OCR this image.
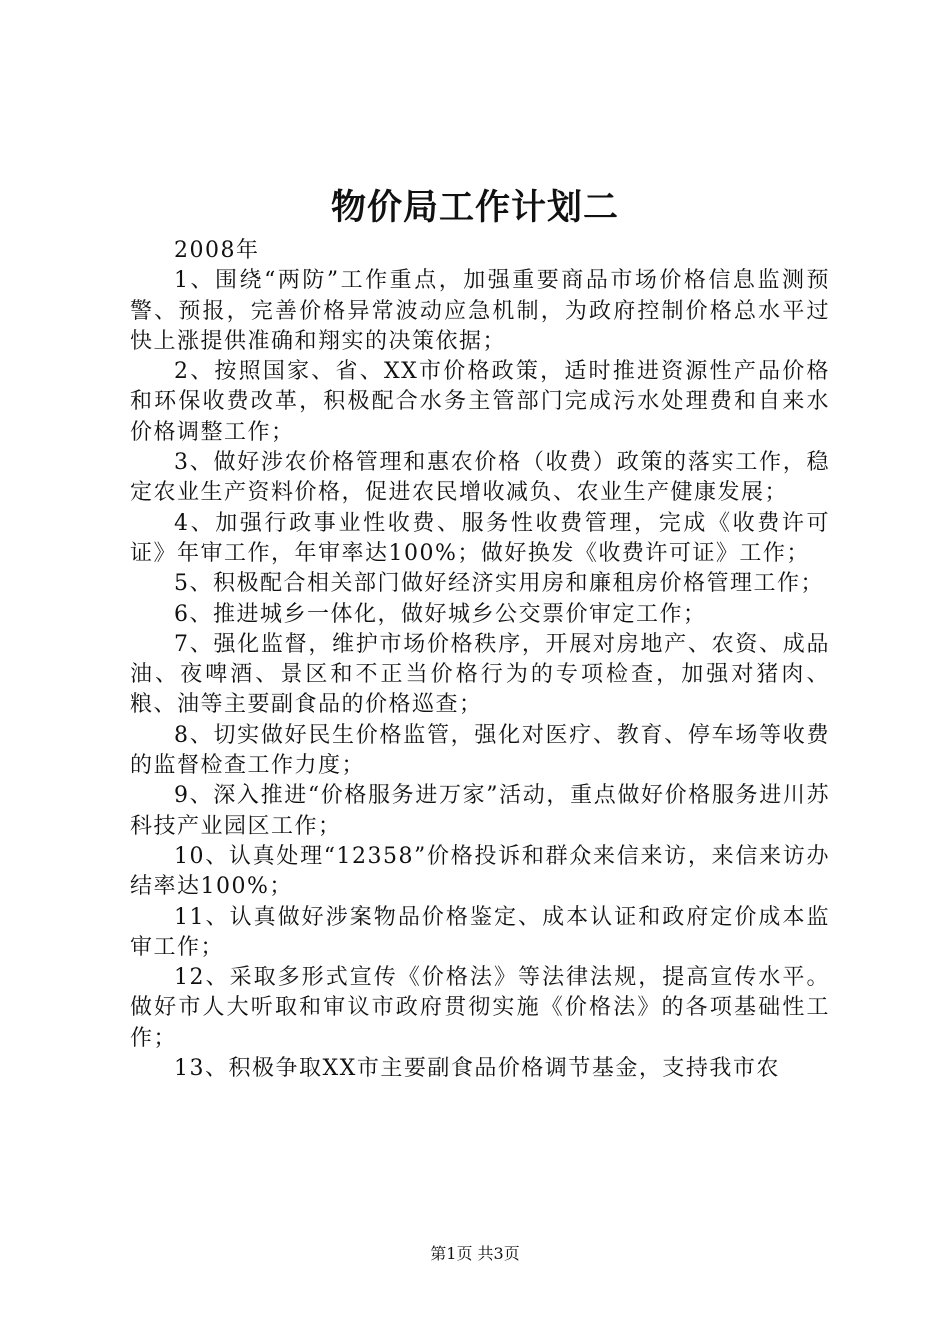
物价局工作计划二

2008年

1、围绕“两防”工作重点，加强重要商品市场价格信息监测预警、预报，完善价格异常波动应急机制，为政府控制价格总水平过快上涨提供准确和翔实的决策依据；

2、按照国家、省、XX市价格政策，适时推进资源性产品价格和环保收费改革，积极配合水务主管部门完成污水处理费和自来水价格调整工作；

3、做好涉农价格管理和惠农价格（收费）政策的落实工作，稳定农业生产资料价格，促进农民增收减负、农业生产健康发展；

4、加强行政事业性收费、服务性收费管理，完成《收费许可证》年审工作，年审率达100%；做好换发《收费许可证》工作；

5、积极配合相关部门做好经济实用房和廉租房价格管理工作；

6、推进城乡一体化，做好城乡公交票价审定工作；

7、强化监督，维护市场价格秩序，开展对房地产、农资、成品油、夜啤酒、景区和不正当价格行为的专项检查，加强对猪肉、粮、油等主要副食品的价格巡查；

8、切实做好民生价格监管，强化对医疗、教育、停车场等收费的监督检查工作力度；

9、深入推进“价格服务进万家”活动，重点做好价格服务进川苏科技产业园区工作；

10、认真处理“12358”价格投诉和群众来信来访，来信来访办结率达100%；

11、认真做好涉案物品价格鉴定、成本认证和政府定价成本监审工作；

12、采取多形式宣传《价格法》等法律法规，提高宣传水平。做好市人大听取和审议市政府贯彻实施《价格法》的各项基础性工作；

13、积极争取XX市主要副食品价格调节基金，支持我市农

第1页 共3页
